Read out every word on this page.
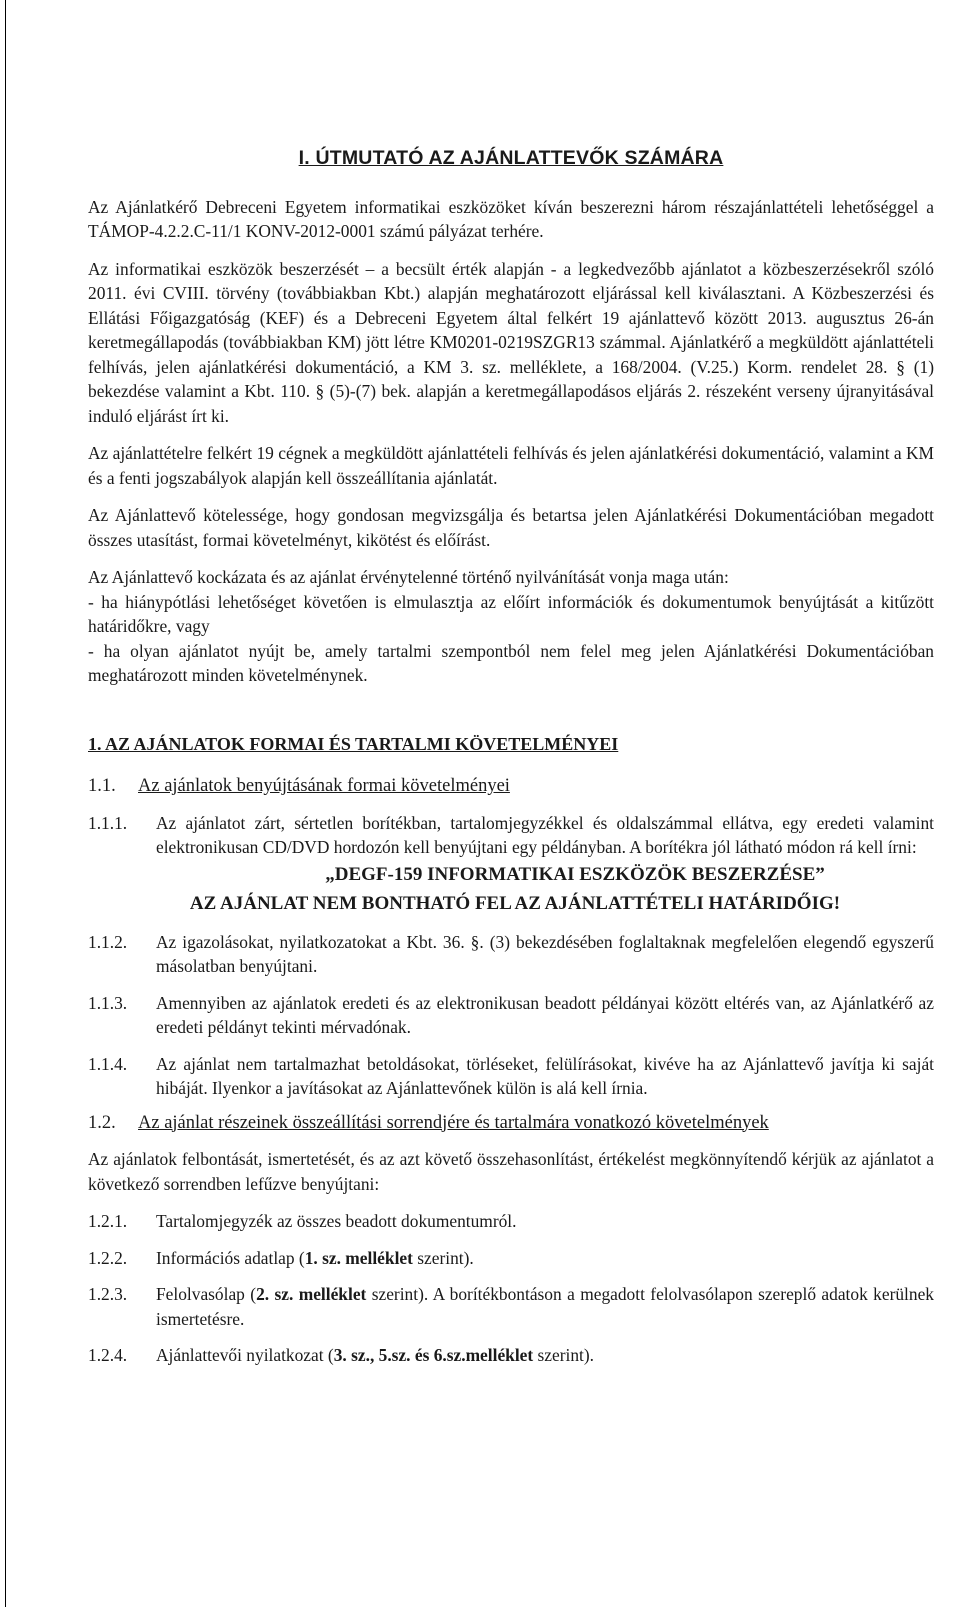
I. ÚTMUTATÓ AZ AJÁNLATTEVŐK SZÁMÁRA

Az Ajánlatkérő Debreceni Egyetem informatikai eszközöket kíván beszerezni három részajánlattételi lehetőséggel a TÁMOP-4.2.2.C-11/1 KONV-2012-0001 számú pályázat terhére.

Az informatikai eszközök beszerzését – a becsült érték alapján - a legkedvezőbb ajánlatot a közbeszerzésekről szóló 2011. évi CVIII. törvény (továbbiakban Kbt.) alapján meghatározott eljárással kell kiválasztani. A Közbeszerzési és Ellátási Főigazgatóság (KEF) és a Debreceni Egyetem által felkért 19 ajánlattevő között 2013. augusztus 26-án keretmegállapodás (továbbiakban KM) jött létre KM0201-0219SZGR13 számmal. Ajánlatkérő a megküldött ajánlattételi felhívás, jelen ajánlatkérési dokumentáció, a KM 3. sz. melléklete, a 168/2004. (V.25.) Korm. rendelet 28. § (1) bekezdése valamint a Kbt. 110. § (5)-(7) bek. alapján a keretmegállapodásos eljárás 2. részeként verseny újranyitásával induló eljárást írt ki.

Az ajánlattételre felkért 19 cégnek a megküldött ajánlattételi felhívás és jelen ajánlatkérési dokumentáció, valamint a KM és a fenti jogszabályok alapján kell összeállítania ajánlatát.

Az Ajánlattevő kötelessége, hogy gondosan megvizsgálja és betartsa jelen Ajánlatkérési Dokumentációban megadott összes utasítást, formai követelményt, kikötést és előírást.

Az Ajánlattevő kockázata és az ajánlat érvénytelenné történő nyilvánítását vonja maga után:

- ha hiánypótlási lehetőséget követően is elmulasztja az előírt információk és dokumentumok benyújtását a kitűzött határidőkre, vagy

- ha olyan ajánlatot nyújt be, amely tartalmi szempontból nem felel meg jelen Ajánlatkérési Dokumentációban meghatározott minden követelménynek.

1. AZ AJÁNLATOK FORMAI ÉS TARTALMI KÖVETELMÉNYEI
1.1. Az ajánlatok benyújtásának formai követelményei
1.1.1.	Az ajánlatot zárt, sértetlen borítékban, tartalomjegyzékkel és oldalszámmal ellátva, egy eredeti valamint elektronikusan CD/DVD hordozón kell benyújtani egy példányban. A borítékra jól látható módon rá kell írni:
„DEGF-159 INFORMATIKAI ESZKÖZÖK BESZERZÉSE”
AZ AJÁNLAT NEM BONTHATÓ FEL AZ AJÁNLATTÉTELI HATÁRIDŐIG!
1.1.2.	Az igazolásokat, nyilatkozatokat a Kbt. 36. §. (3) bekezdésében foglaltaknak megfelelően elegendő egyszerű másolatban benyújtani.
1.1.3.	Amennyiben az ajánlatok eredeti és az elektronikusan beadott példányai között eltérés van, az Ajánlatkérő az eredeti példányt tekinti mérvadónak.
1.1.4.	Az ajánlat nem tartalmazhat betoldásokat, törléseket, felülírásokat, kivéve ha az Ajánlattevő javítja ki saját hibáját. Ilyenkor a javításokat az Ajánlattevőnek külön is alá kell írnia.
1.2. Az ajánlat részeinek összeállítási sorrendjére és tartalmára vonatkozó követelmények

Az ajánlatok felbontását, ismertetését, és az azt követő összehasonlítást, értékelést megkönnyítendő kérjük az ajánlatot a következő sorrendben lefűzve benyújtani:

1.2.1.	Tartalomjegyzék az összes beadott dokumentumról.
1.2.2.	Információs adatlap (1. sz. melléklet szerint).
1.2.3.	Felolvasólap (2. sz. melléklet szerint). A borítékbontáson a megadott felolvasólapon szereplő adatok kerülnek ismertetésre.
1.2.4.	Ajánlattevői nyilatkozat (3. sz., 5.sz. és 6.sz.melléklet szerint).
